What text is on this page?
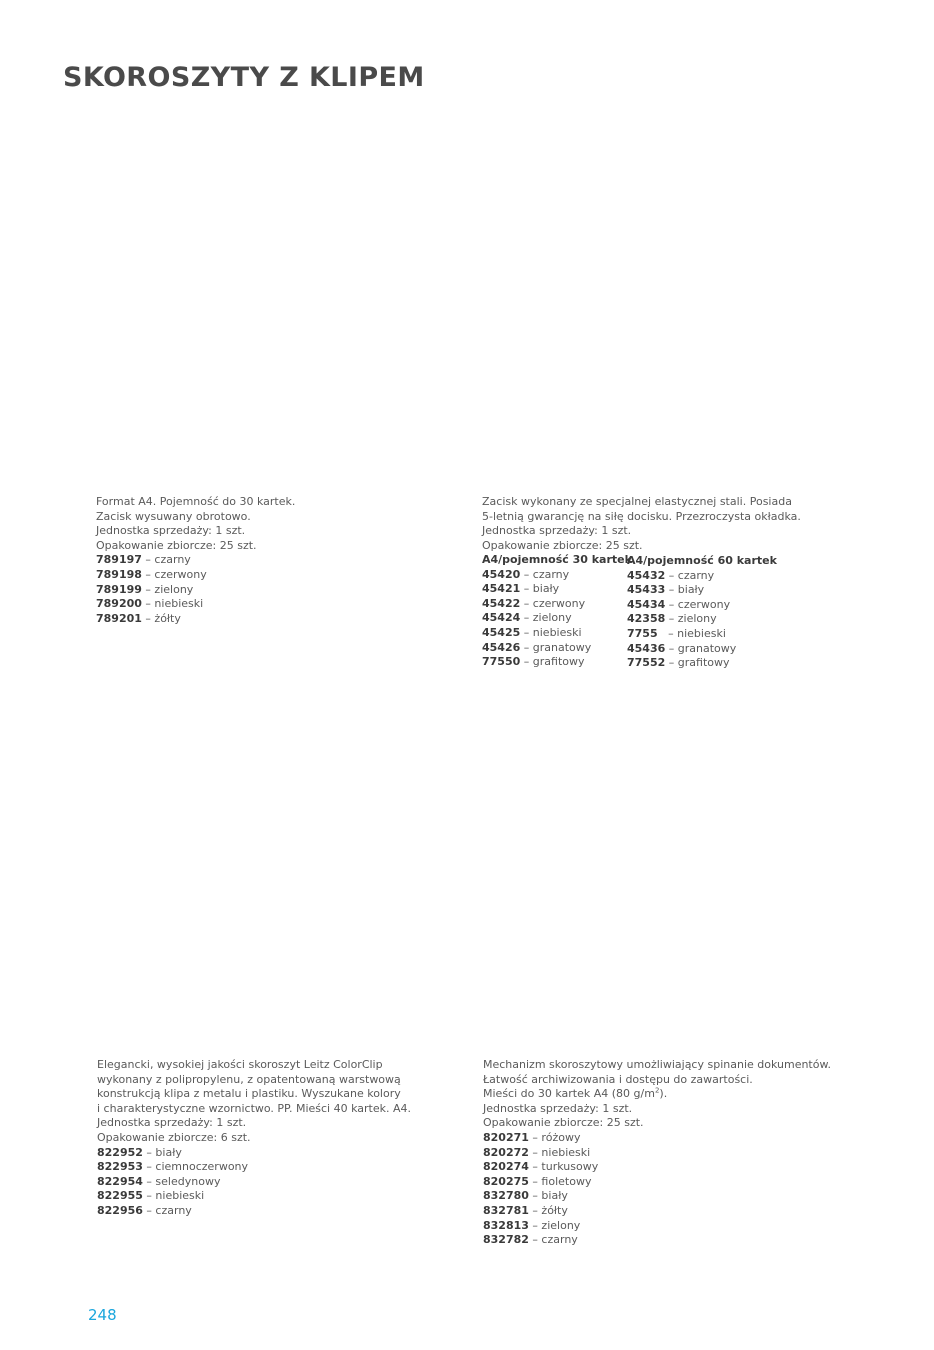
SKOROSZYTY Z KLIPEM
Format A4. Pojemność do 30 kartek.
Zacisk wysuwany obrotowo.
Jednostka sprzedaży: 1 szt.
Opakowanie zbiorcze: 25 szt.
789197 – czarny
789198 – czerwony
789199 – zielony
789200 – niebieski
789201 – żółty
Zacisk wykonany ze specjalnej elastycznej stali. Posiada
5-letnią gwarancję na siłę docisku. Przezroczysta okładka.
Jednostka sprzedaży: 1 szt.
Opakowanie zbiorcze: 25 szt.
A4/pojemność 30 kartek
45420 – czarny
45421 – biały
45422 – czerwony
45424 – zielony
45425 – niebieski
45426 – granatowy
77550 – grafitowy
A4/pojemność 60 kartek
45432 – czarny
45433 – biały
45434 – czerwony
42358 – zielony
7755   – niebieski
45436 – granatowy
77552 – grafitowy
Elegancki, wysokiej jakości skoroszyt Leitz ColorClip
wykonany z polipropylenu, z opatentowaną warstwową
konstrukcją klipa z metalu i plastiku. Wyszukane kolory
i charakterystyczne wzornictwo. PP. Mieści 40 kartek. A4.
Jednostka sprzedaży: 1 szt.
Opakowanie zbiorcze: 6 szt.
822952 – biały
822953 – ciemnoczerwony
822954 – seledynowy
822955 – niebieski
822956 – czarny
Mechanizm skoroszytowy umożliwiający spinanie dokumentów.
Łatwość archiwizowania i dostępu do zawartości.
Mieści do 30 kartek A4 (80 $g/m^2$).
Jednostka sprzedaży: 1 szt.
Opakowanie zbiorcze: 25 szt.
820271 – różowy
820272 – niebieski
820274 – turkusowy
820275 – fioletowy
832780 – biały
832781 – żółty
832813 – zielony
832782 – czarny
248
